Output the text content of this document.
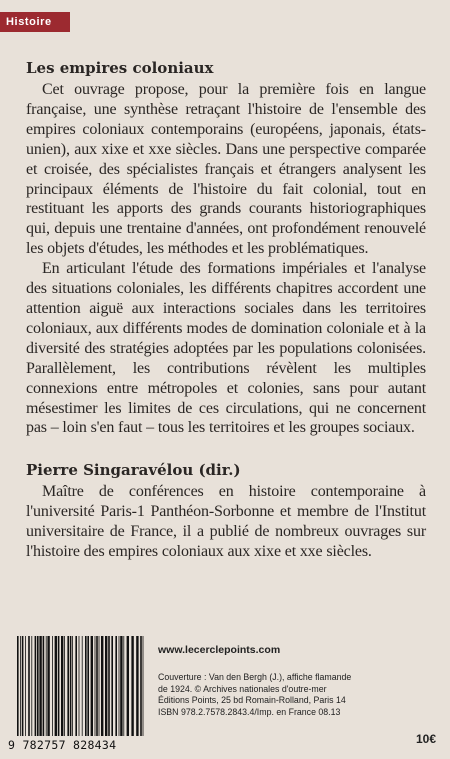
Histoire
Les empires coloniaux

Cet ouvrage propose, pour la première fois en langue française, une synthèse retraçant l'histoire de l'ensemble des empires coloniaux contemporains (européens, japonais, états-unien), aux xixe et xxe siècles. Dans une perspective comparée et croisée, des spécialistes français et étrangers analysent les principaux éléments de l'histoire du fait colonial, tout en restituant les apports des grands courants historiographiques qui, depuis une trentaine d'années, ont profondément renouvelé les objets d'études, les méthodes et les problématiques.

En articulant l'étude des formations impériales et l'analyse des situations coloniales, les différents chapitres accordent une attention aiguë aux interactions sociales dans les territoires coloniaux, aux différents modes de domination coloniale et à la diversité des stratégies adoptées par les populations colonisées. Parallèlement, les contributions révèlent les multiples connexions entre métropoles et colonies, sans pour autant mésestimer les limites de ces circulations, qui ne concernent pas – loin s'en faut – tous les territoires et les groupes sociaux.

Pierre Singaravélou (dir.)

Maître de conférences en histoire contemporaine à l'université Paris-1 Panthéon-Sorbonne et membre de l'Institut universitaire de France, il a publié de nombreux ouvrages sur l'histoire des empires coloniaux aux xixe et xxe siècles.

9 782757 828434
www.lecerclepoints.com
Couverture : Van den Bergh (J.), affiche flamande
de 1924. © Archives nationales d'outre-mer
Éditions Points, 25 bd Romain-Rolland, Paris 14
ISBN 978.2.7578.2843.4/Imp. en France 08.13
10€
